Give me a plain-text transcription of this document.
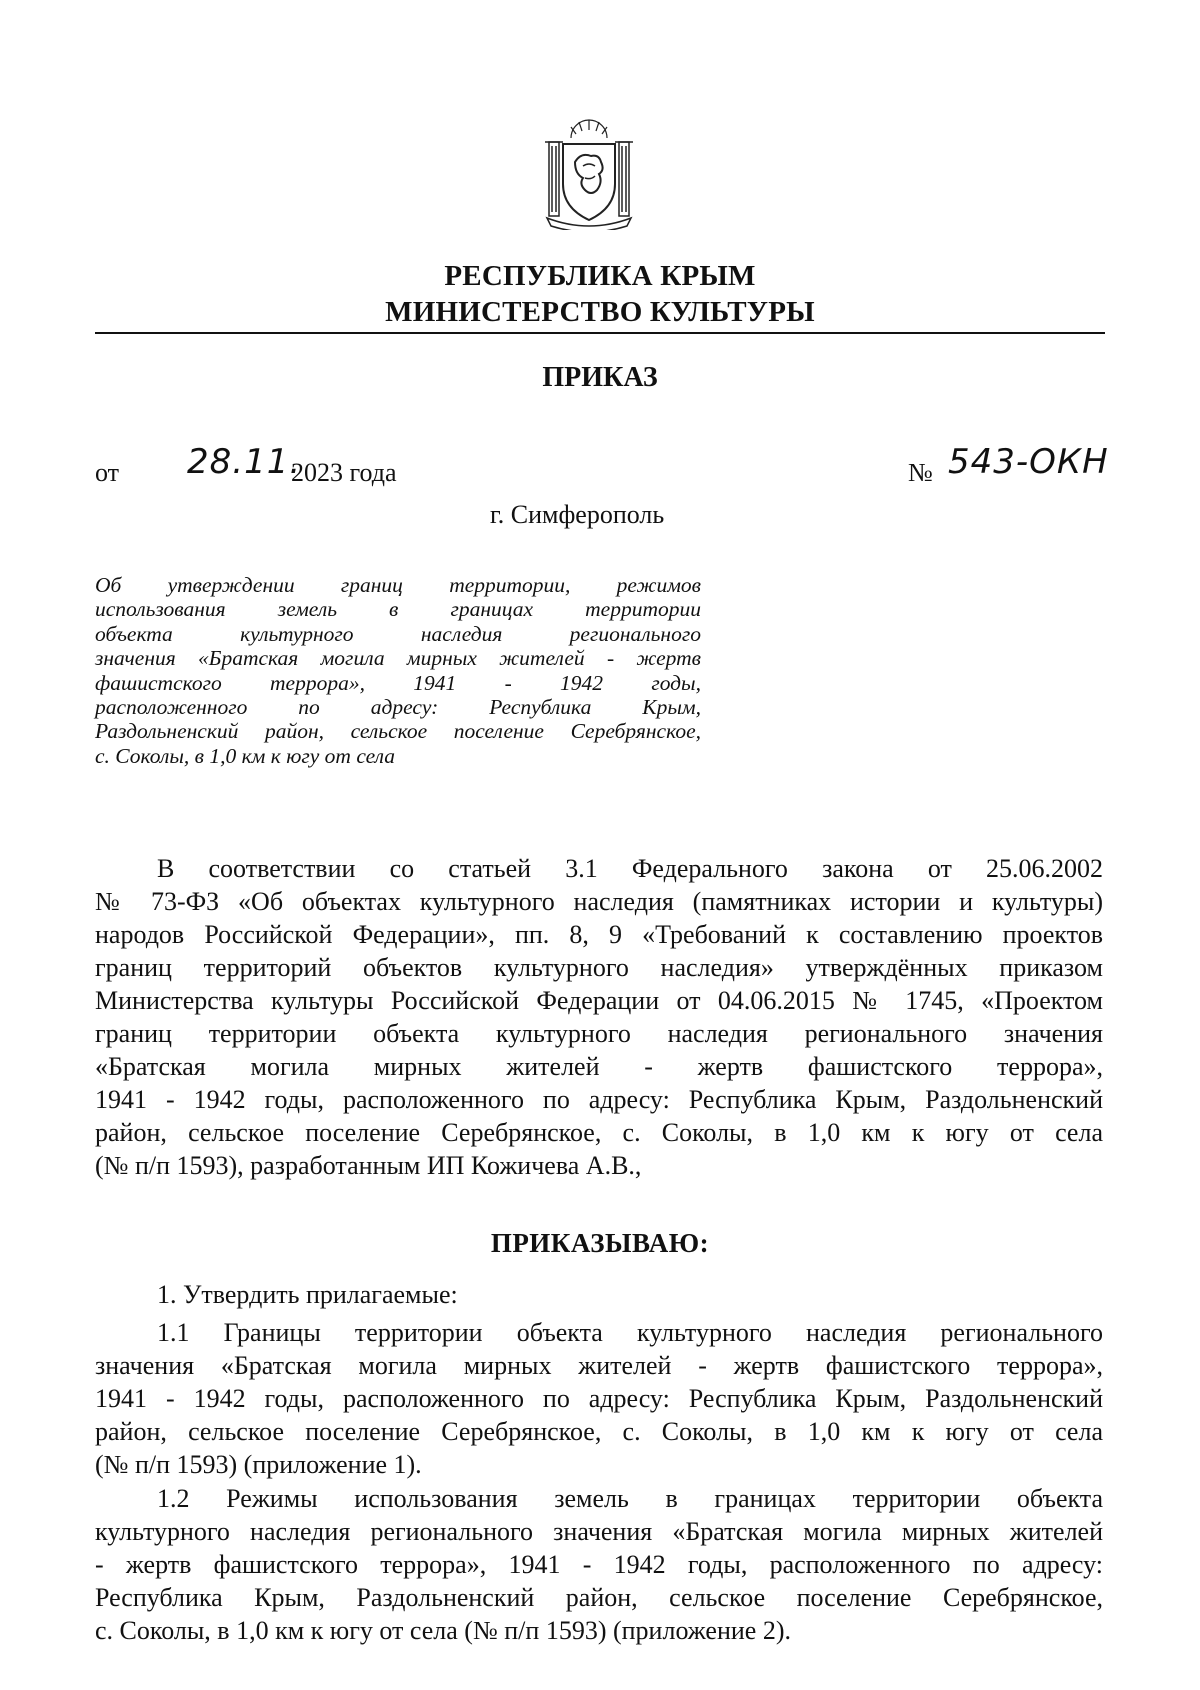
РЕСПУБЛИКА КРЫМ
МИНИСТЕРСТВО КУЛЬТУРЫ
ПРИКАЗ
от 28.11.
2023 года	№ 543-ОКН
г. Симферополь
Об утверждении границ территории, режимов
использования земель в границах территории
объекта культурного наследия регионального
значения «Братская могила мирных жителей - жертв
фашистского террора», 1941 - 1942 годы,
расположенного по адресу: Республика Крым,
Раздольненский район, сельское поселение Серебрянское,
с. Соколы, в 1,0 км к югу от села
В соответствии со статьей 3.1 Федерального закона от 25.06.2002
№ 73-ФЗ «Об объектах культурного наследия (памятниках истории и культуры)
народов Российской Федерации», пп. 8, 9 «Требований к составлению проектов
границ территорий объектов культурного наследия» утверждённых приказом
Министерства культуры Российской Федерации от 04.06.2015 № 1745, «Проектом
границ территории объекта культурного наследия регионального значения
«Братская могила мирных жителей - жертв фашистского террора»,
1941 - 1942 годы, расположенного по адресу: Республика Крым, Раздольненский
район, сельское поселение Серебрянское, с. Соколы, в 1,0 км к югу от села
(№ п/п 1593), разработанным ИП Кожичева А.В.,
ПРИКАЗЫВАЮ:
1. Утвердить прилагаемые:
1.1 Границы территории объекта культурного наследия регионального
значения «Братская могила мирных жителей - жертв фашистского террора»,
1941 - 1942 годы, расположенного по адресу: Республика Крым, Раздольненский
район, сельское поселение Серебрянское, с. Соколы, в 1,0 км к югу от села
(№ п/п 1593) (приложение 1).
1.2 Режимы использования земель в границах территории объекта
культурного наследия регионального значения «Братская могила мирных жителей
- жертв фашистского террора», 1941 - 1942 годы, расположенного по адресу:
Республика Крым, Раздольненский район, сельское поселение Серебрянское,
с. Соколы, в 1,0 км к югу от села (№ п/п 1593) (приложение 2).
